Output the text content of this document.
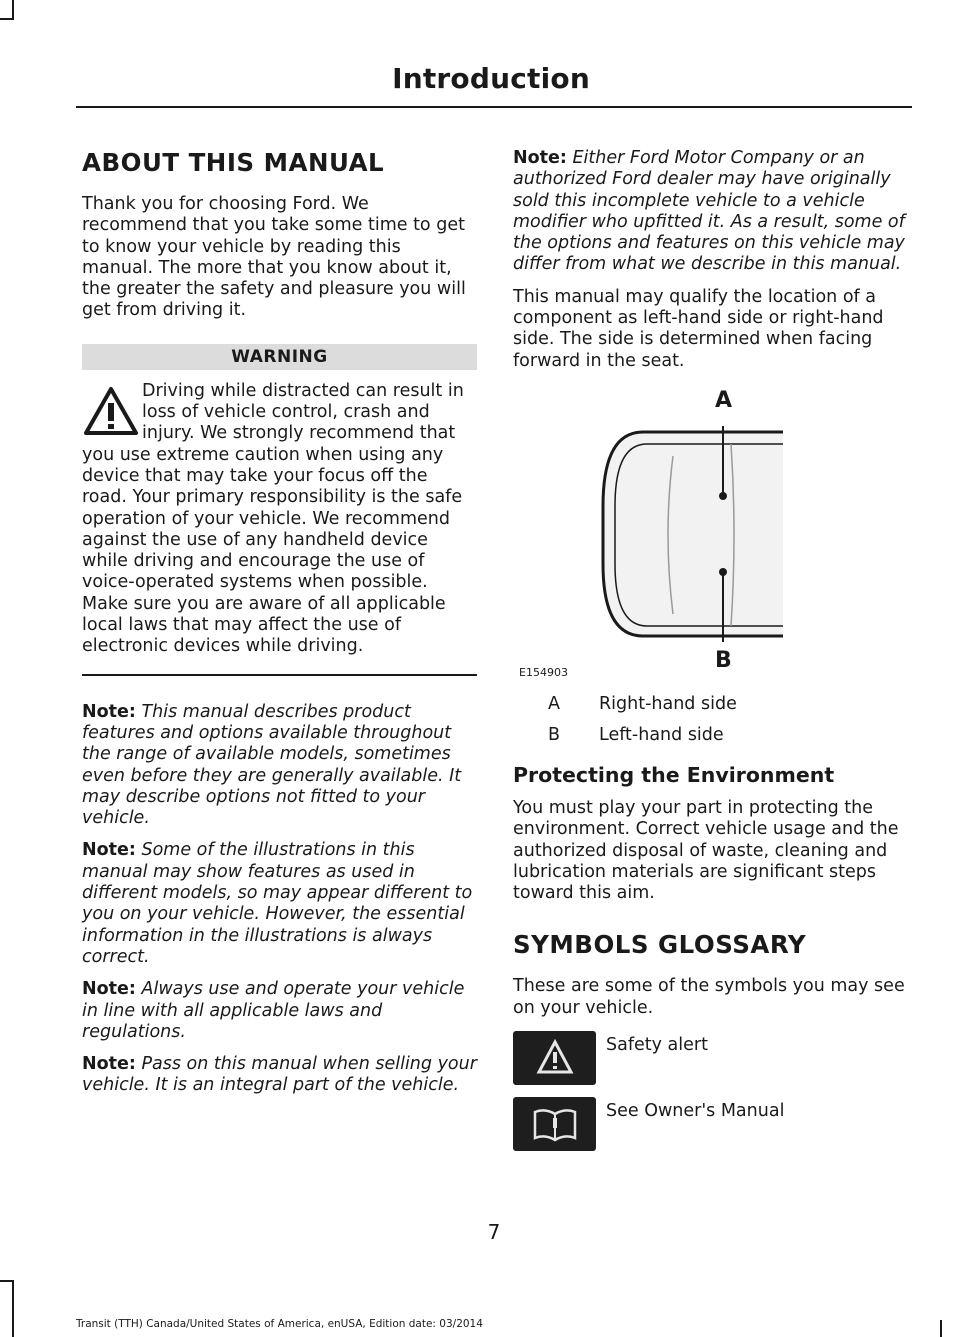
Introduction
ABOUT THIS MANUAL

Thank you for choosing Ford. We recommend that you take some time to get to know your vehicle by reading this manual. The more that you know about it, the greater the safety and pleasure you will get from driving it.

WARNING

Driving while distracted can result in loss of vehicle control, crash and injury. We strongly recommend that you use extreme caution when using any device that may take your focus off the road. Your primary responsibility is the safe operation of your vehicle. We recommend against the use of any handheld device while driving and encourage the use of voice-operated systems when possible. Make sure you are aware of all applicable local laws that may affect the use of electronic devices while driving.

Note: This manual describes product features and options available throughout the range of available models, sometimes even before they are generally available. It may describe options not fitted to your vehicle.

Note: Some of the illustrations in this manual may show features as used in different models, so may appear different to you on your vehicle. However, the essential information in the illustrations is always correct.

Note: Always use and operate your vehicle in line with all applicable laws and regulations.

Note: Pass on this manual when selling your vehicle. It is an integral part of the vehicle.

Note: Either Ford Motor Company or an authorized Ford dealer may have originally sold this incomplete vehicle to a vehicle modifier who upfitted it. As a result, some of the options and features on this vehicle may differ from what we describe in this manual.

This manual may qualify the location of a component as left-hand side or right-hand side. The side is determined when facing forward in the seat.

A
B
E154903
A	Right-hand side
B	Left-hand side
Protecting the Environment

You must play your part in protecting the environment. Correct vehicle usage and the authorized disposal of waste, cleaning and lubrication materials are significant steps toward this aim.

SYMBOLS GLOSSARY

These are some of the symbols you may see on your vehicle.

Safety alert
See Owner's Manual
7
Transit (TTH) Canada/United States of America, enUSA, Edition date: 03/2014
